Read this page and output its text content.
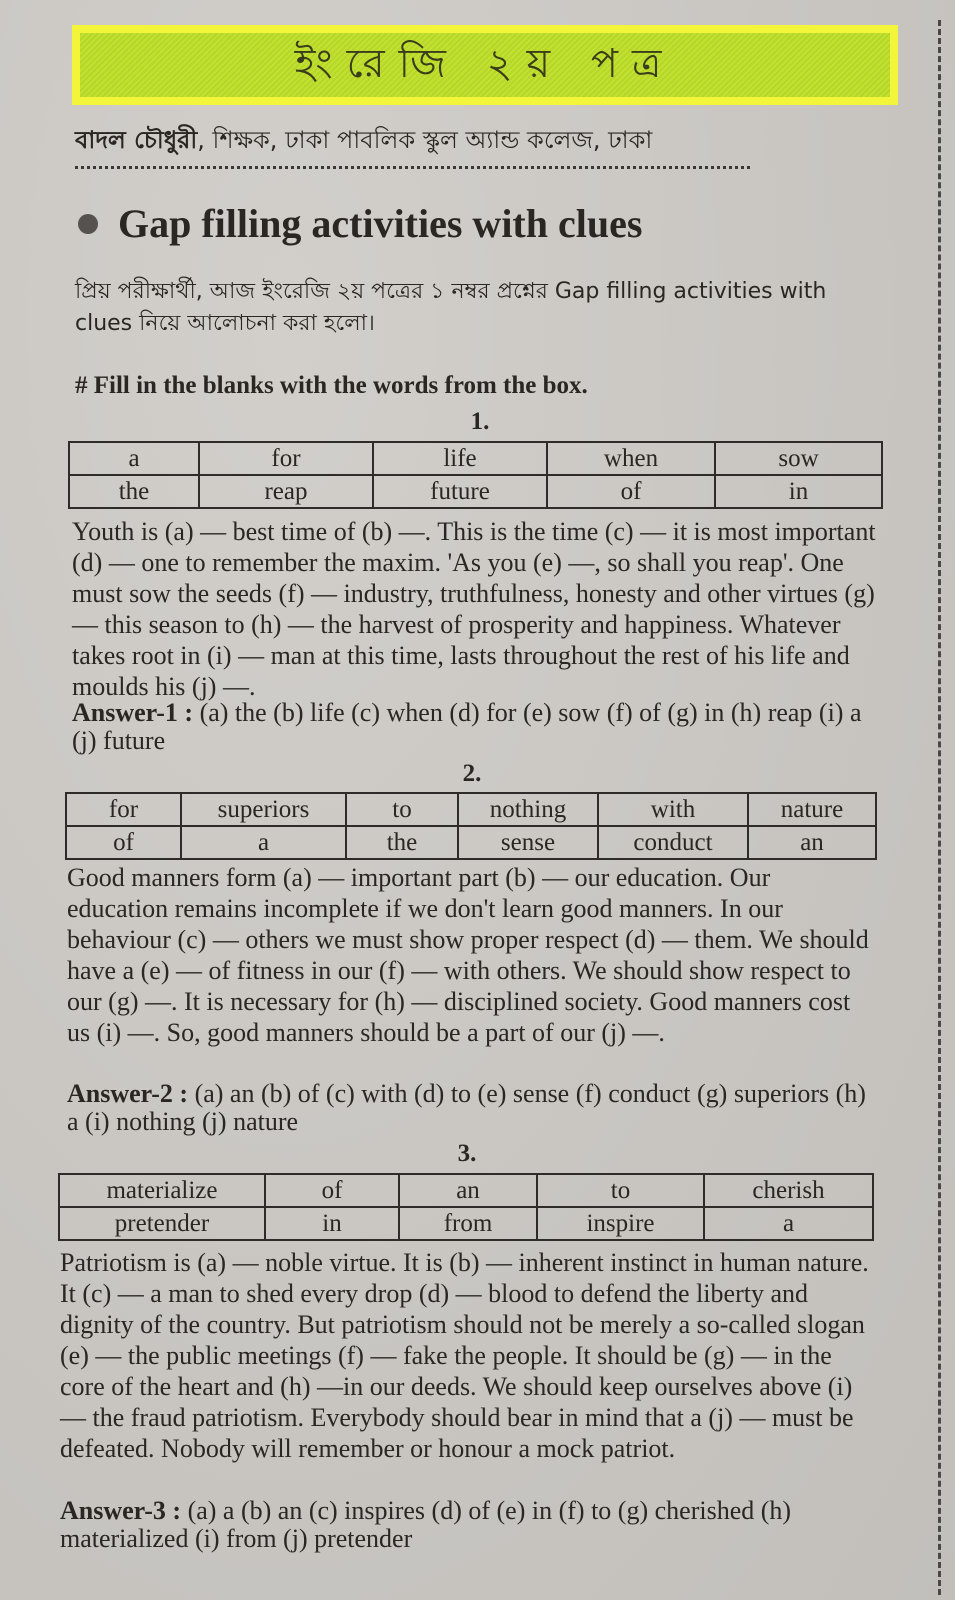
ইংরেজি ২য় পত্র
বাদল চৌধুরী, শিক্ষক, ঢাকা পাবলিক স্কুল অ্যান্ড কলেজ, ঢাকা
Gap filling activities with clues
প্রিয় পরীক্ষার্থী, আজ ইংরেজি ২য় পত্রের ১ নম্বর প্রশ্নের Gap filling activities with clues নিয়ে আলোচনা করা হলো।
# Fill in the blanks with the words from the box.
1.
a	for	life	when	sow
the	reap	future	of	in
Youth is (a) — best time of (b) —. This is the time (c) — it is most important (d) — one to remember the maxim. 'As you (e) —, so shall you reap'. One must sow the seeds (f) — industry, truthfulness, honesty and other virtues (g) — this season to (h) — the harvest of prosperity and happiness. Whatever takes root in (i) — man at this time, lasts throughout the rest of his life and moulds his (j) —.
Answer-1 : (a) the (b) life (c) when (d) for (e) sow (f) of (g) in (h) reap (i) a (j) future
2.
for	superiors	to	nothing	with	nature
of	a	the	sense	conduct	an
Good manners form (a) — important part (b) — our education. Our education remains incomplete if we don't learn good manners. In our behaviour (c) — others we must show proper respect (d) — them. We should have a (e) — of fitness in our (f) — with others. We should show respect to our (g) —. It is necessary for (h) — disciplined society. Good manners cost us (i) —. So, good manners should be a part of our (j) —.
Answer-2 : (a) an (b) of (c) with (d) to (e) sense (f) conduct (g) superiors (h) a (i) nothing (j) nature
3.
materialize	of	an	to	cherish
pretender	in	from	inspire	a
Patriotism is (a) — noble virtue. It is (b) — inherent instinct in human nature. It (c) — a man to shed every drop (d) — blood to defend the liberty and dignity of the country. But patriotism should not be merely a so-called slogan (e) — the public meetings (f) — fake the people. It should be (g) — in the core of the heart and (h) —in our deeds. We should keep ourselves above (i) — the fraud patriotism. Everybody should bear in mind that a (j) — must be defeated. Nobody will remember or honour a mock patriot.
Answer-3 : (a) a (b) an (c) inspires (d) of (e) in (f) to (g) cherished (h) materialized (i) from (j) pretender
